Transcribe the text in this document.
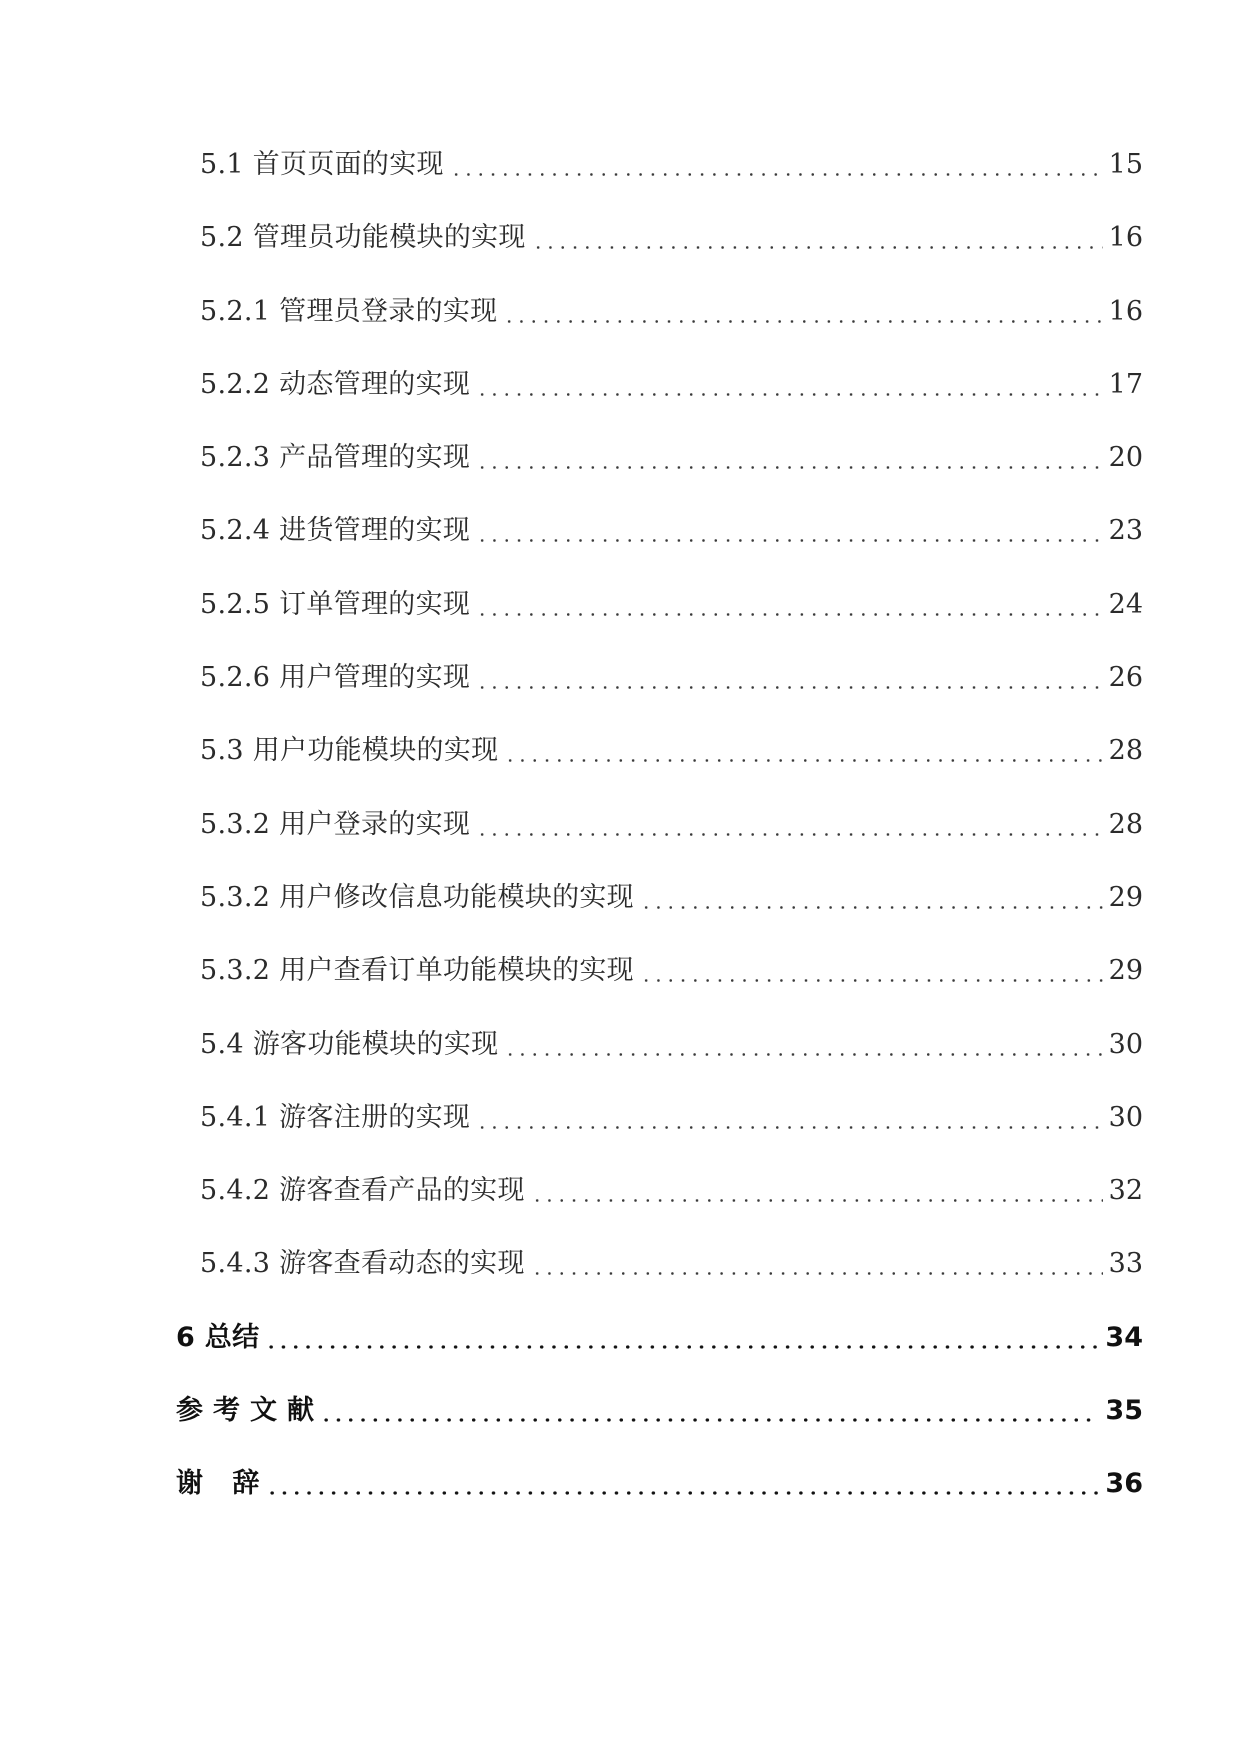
5.1 首页页面的实现	15
5.2 管理员功能模块的实现	16
5.2.1 管理员登录的实现	16
5.2.2 动态管理的实现	17
5.2.3 产品管理的实现	20
5.2.4 进货管理的实现	23
5.2.5 订单管理的实现	24
5.2.6 用户管理的实现	26
5.3 用户功能模块的实现	28
5.3.2 用户登录的实现	28
5.3.2 用户修改信息功能模块的实现	29
5.3.2 用户查看订单功能模块的实现	29
5.4 游客功能模块的实现	30
5.4.1 游客注册的实现	30
5.4.2 游客查看产品的实现	32
5.4.3 游客查看动态的实现	33
6 总结	34
参 考 文 献	35
谢   辞	36
